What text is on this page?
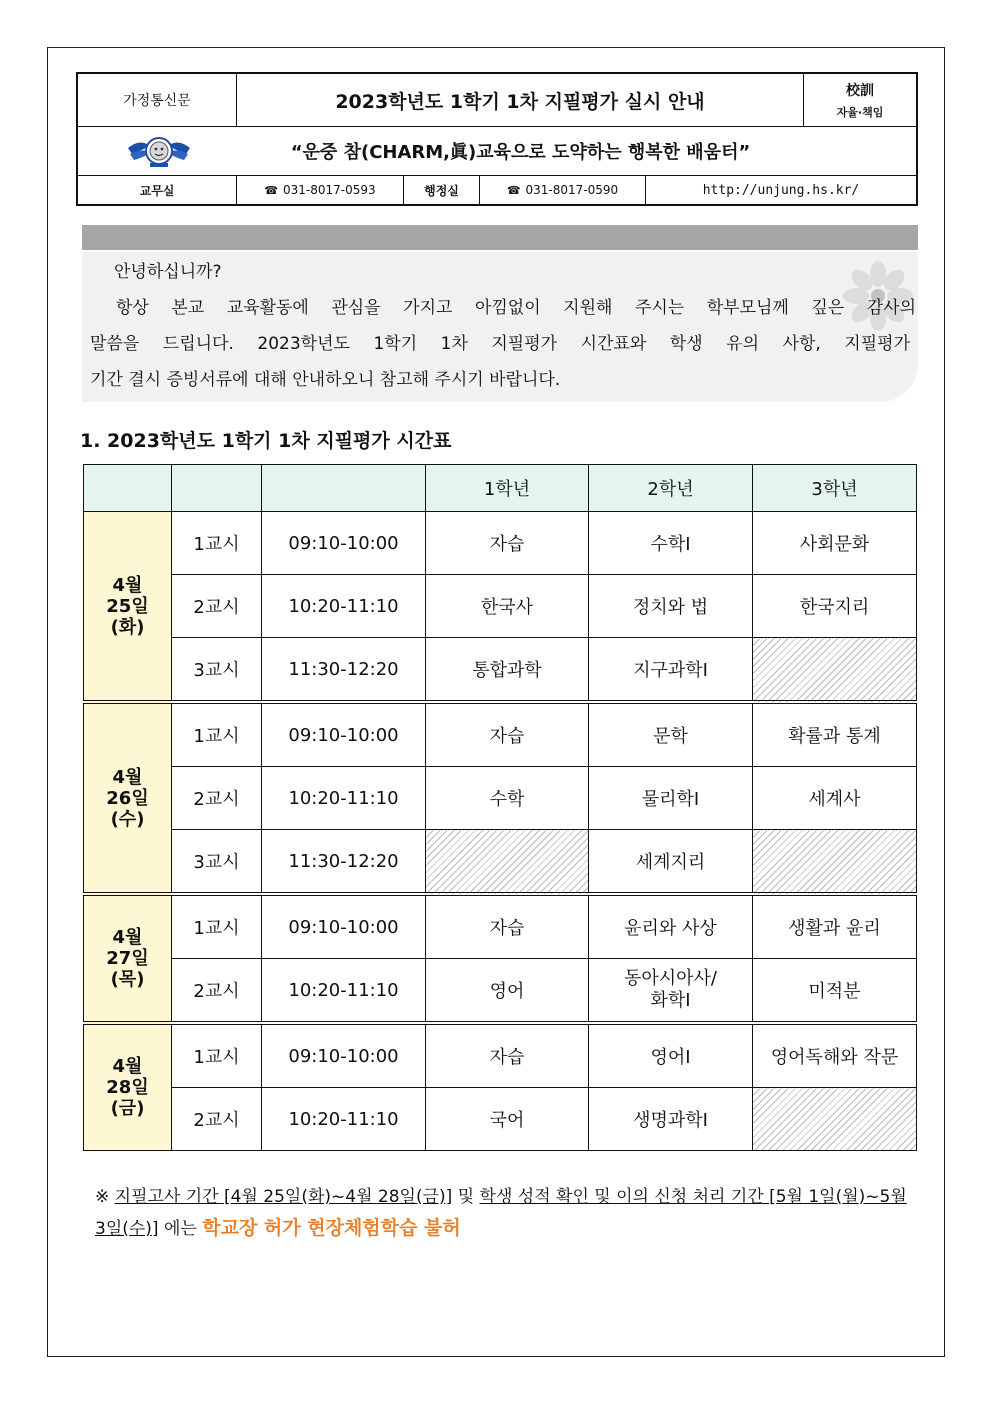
가정통신문	2023학년도 1학기 1차 지필평가 실시 안내	校訓
자율·책임
“운중 참(CHARM,眞)교육으로 도약하는 행복한 배움터”
교무실	☎ 031-8017-0593	행정실	☎ 031-8017-0590	http://unjung.hs.kr/

안녕하십니까?

항상 본교 교육활동에 관심을 가지고 아낌없이 지원해 주시는 학부모님께 깊은 감사의

말씀을 드립니다. 2023학년도 1학기 1차 지필평가 시간표와 학생 유의 사항, 지필평가

기간 결시 증빙서류에 대해 안내하오니 참고해 주시기 바랍니다.

1. 2023학년도 1학기 1차 지필평가 시간표
			1학년	2학년	3학년

4월
25일
(화)	1교시	09:10-10:00	자습	수학Ⅰ	사회문화
	2교시	10:20-11:10	한국사	정치와 법	한국지리
	3교시	11:30-12:20	통합과학	지구과학Ⅰ	

4월
26일
(수)	1교시	09:10-10:00	자습	문학	확률과 통계
	2교시	10:20-11:10	수학	물리학Ⅰ	세계사
	3교시	11:30-12:20		세계지리	

4월
27일
(목)	1교시	09:10-10:00	자습	윤리와 사상	생활과 윤리
	2교시	10:20-11:10	영어	동아시아사/
화학Ⅰ	미적분

4월
28일
(금)	1교시	09:10-10:00	자습	영어Ⅰ	영어독해와 작문
	2교시	10:20-11:10	국어	생명과학Ⅰ	
※ 지필고사 기간 [4월 25일(화)~4월 28일(금)] 및 학생 성적 확인 및 이의 신청 처리 기간 [5월 1일(월)~5월 3일(수)] 에는 학교장 허가 현장체험학습 불허
